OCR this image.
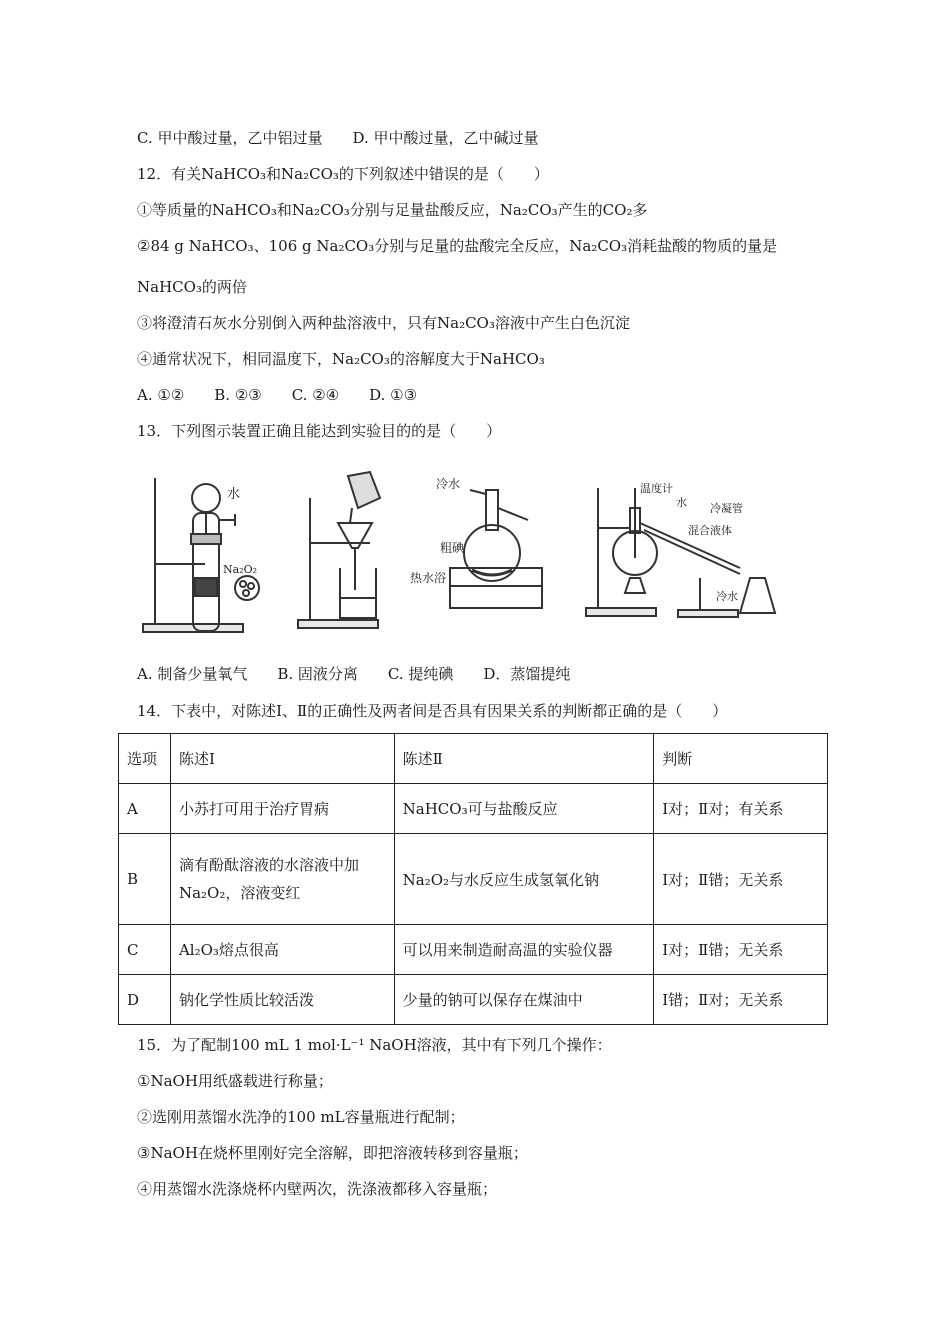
C. 甲中酸过量，乙中铝过量　　D. 甲中酸过量，乙中碱过量
12．有关NaHCO₃和Na₂CO₃的下列叙述中错误的是（　　）
①等质量的NaHCO₃和Na₂CO₃分别与足量盐酸反应，Na₂CO₃产生的CO₂多
②84 g NaHCO₃、106 g Na₂CO₃分别与足量的盐酸完全反应，Na₂CO₃消耗盐酸的物质的量是
NaHCO₃的两倍
③将澄清石灰水分别倒入两种盐溶液中，只有Na₂CO₃溶液中产生白色沉淀
④通常状况下，相同温度下，Na₂CO₃的溶解度大于NaHCO₃
A. ①②　　B. ②③　　C. ②④　　D. ①③
13．下列图示装置正确且能达到实验目的的是（　　）
水
Na₂O₂
冷水
粗碘
热水浴
温度计
水 冷凝管
混合液体
冷水
A. 制备少量氧气　　B. 固液分离　　C. 提纯碘　　D．蒸馏提纯
14．下表中，对陈述Ⅰ、Ⅱ的正确性及两者间是否具有因果关系的判断都正确的是（　　）
选项	陈述Ⅰ	陈述Ⅱ	判断
A	小苏打可用于治疗胃病	NaHCO₃可与盐酸反应	Ⅰ对；Ⅱ对；有关系
B	滴有酚酞溶液的水溶液中加Na₂O₂，溶液变红	Na₂O₂与水反应生成氢氧化钠	Ⅰ对；Ⅱ错；无关系
C	Al₂O₃熔点很高	可以用来制造耐高温的实验仪器	Ⅰ对；Ⅱ错；无关系
D	钠化学性质比较活泼	少量的钠可以保存在煤油中	Ⅰ错；Ⅱ对；无关系
15．为了配制100 mL 1 mol·L⁻¹ NaOH溶液，其中有下列几个操作：
①NaOH用纸盛载进行称量；
②选刚用蒸馏水洗净的100 mL容量瓶进行配制；
③NaOH在烧杯里刚好完全溶解，即把溶液转移到容量瓶；
④用蒸馏水洗涤烧杯内壁两次，洗涤液都移入容量瓶；
